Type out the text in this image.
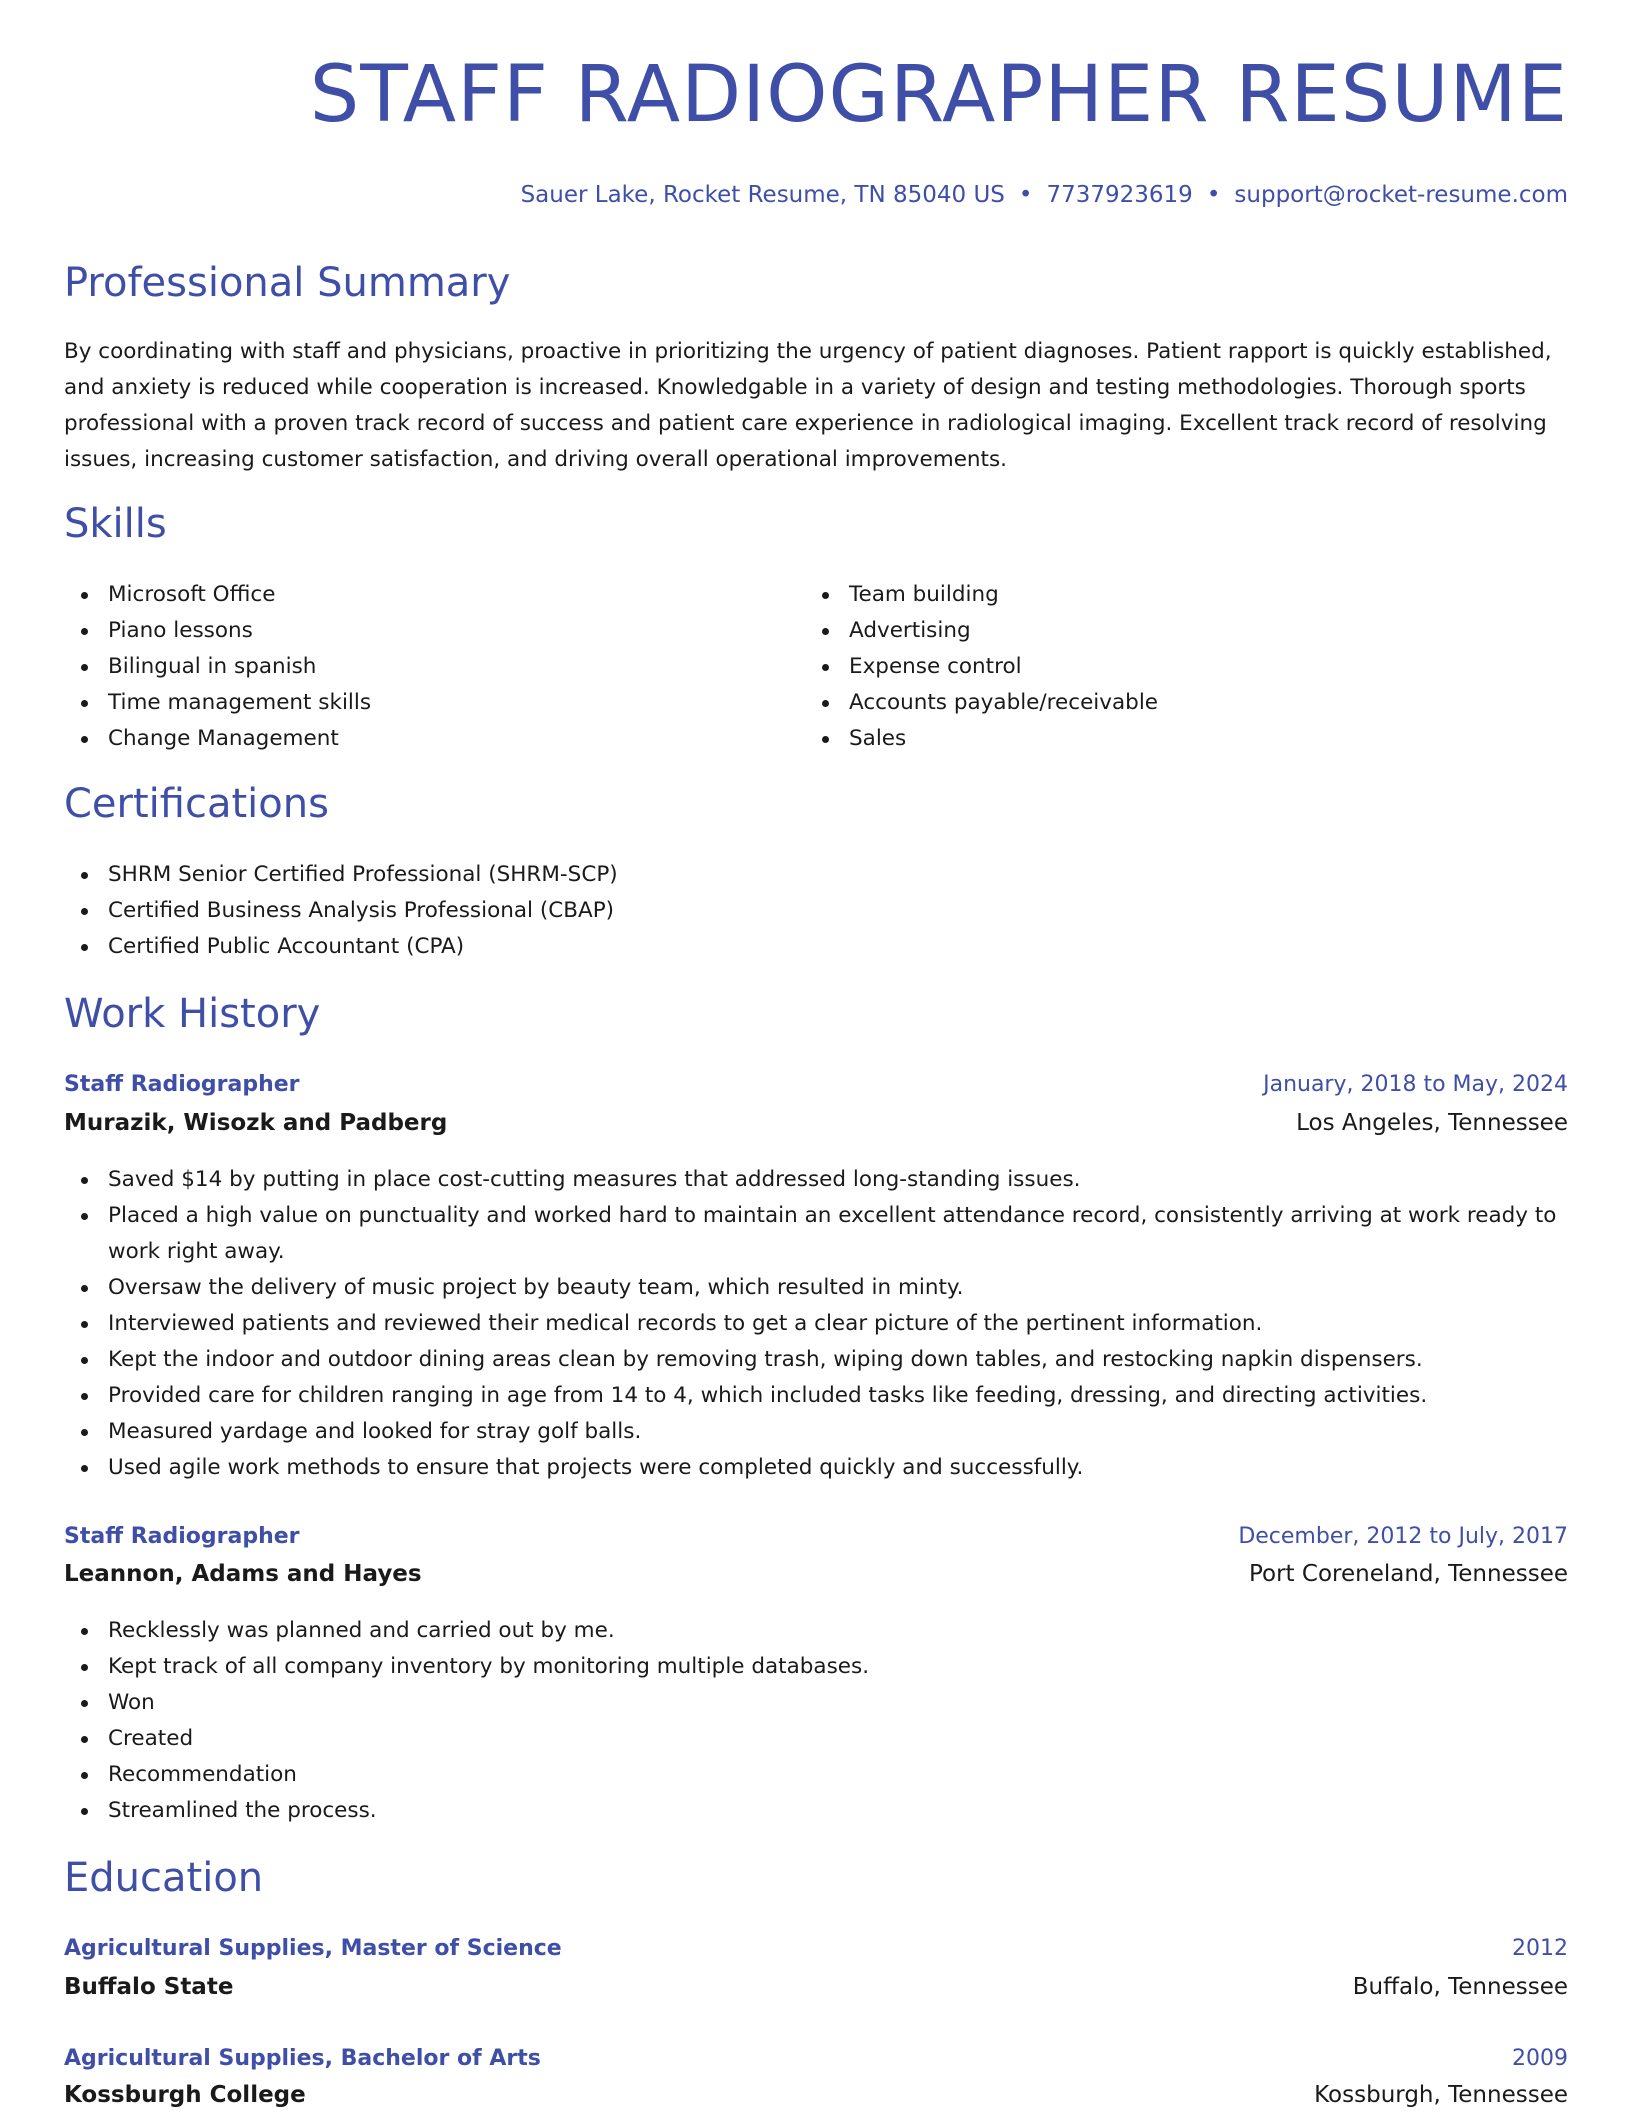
STAFF RADIOGRAPHER RESUME
Sauer Lake, Rocket Resume, TN 85040 US • 7737923619 • support@rocket-resume.com
Professional Summary

By coordinating with staff and physicians, proactive in prioritizing the urgency of patient diagnoses. Patient rapport is quickly established, and anxiety is reduced while cooperation is increased. Knowledgable in a variety of design and testing methodologies. Thorough sports professional with a proven track record of success and patient care experience in radiological imaging. Excellent track record of resolving issues, increasing customer satisfaction, and driving overall operational improvements.

Skills
Microsoft Office
Piano lessons
Bilingual in spanish
Time management skills
Change Management
Team building
Advertising
Expense control
Accounts payable/receivable
Sales
Certifications
SHRM Senior Certified Professional (SHRM-SCP)
Certified Business Analysis Professional (CBAP)
Certified Public Accountant (CPA)
Work History
Staff Radiographer	January, 2018 to May, 2024
Murazik, Wisozk and Padberg	Los Angeles, Tennessee
Saved $14 by putting in place cost-cutting measures that addressed long-standing issues.
Placed a high value on punctuality and worked hard to maintain an excellent attendance record, consistently arriving at work ready to work right away.
Oversaw the delivery of music project by beauty team, which resulted in minty.
Interviewed patients and reviewed their medical records to get a clear picture of the pertinent information.
Kept the indoor and outdoor dining areas clean by removing trash, wiping down tables, and restocking napkin dispensers.
Provided care for children ranging in age from 14 to 4, which included tasks like feeding, dressing, and directing activities.
Measured yardage and looked for stray golf balls.
Used agile work methods to ensure that projects were completed quickly and successfully.
Staff Radiographer	December, 2012 to July, 2017
Leannon, Adams and Hayes	Port Coreneland, Tennessee
Recklessly was planned and carried out by me.
Kept track of all company inventory by monitoring multiple databases.
Won
Created
Recommendation
Streamlined the process.
Education
Agricultural Supplies, Master of Science	2012
Buffalo State	Buffalo, Tennessee
Agricultural Supplies, Bachelor of Arts	2009
Kossburgh College	Kossburgh, Tennessee
